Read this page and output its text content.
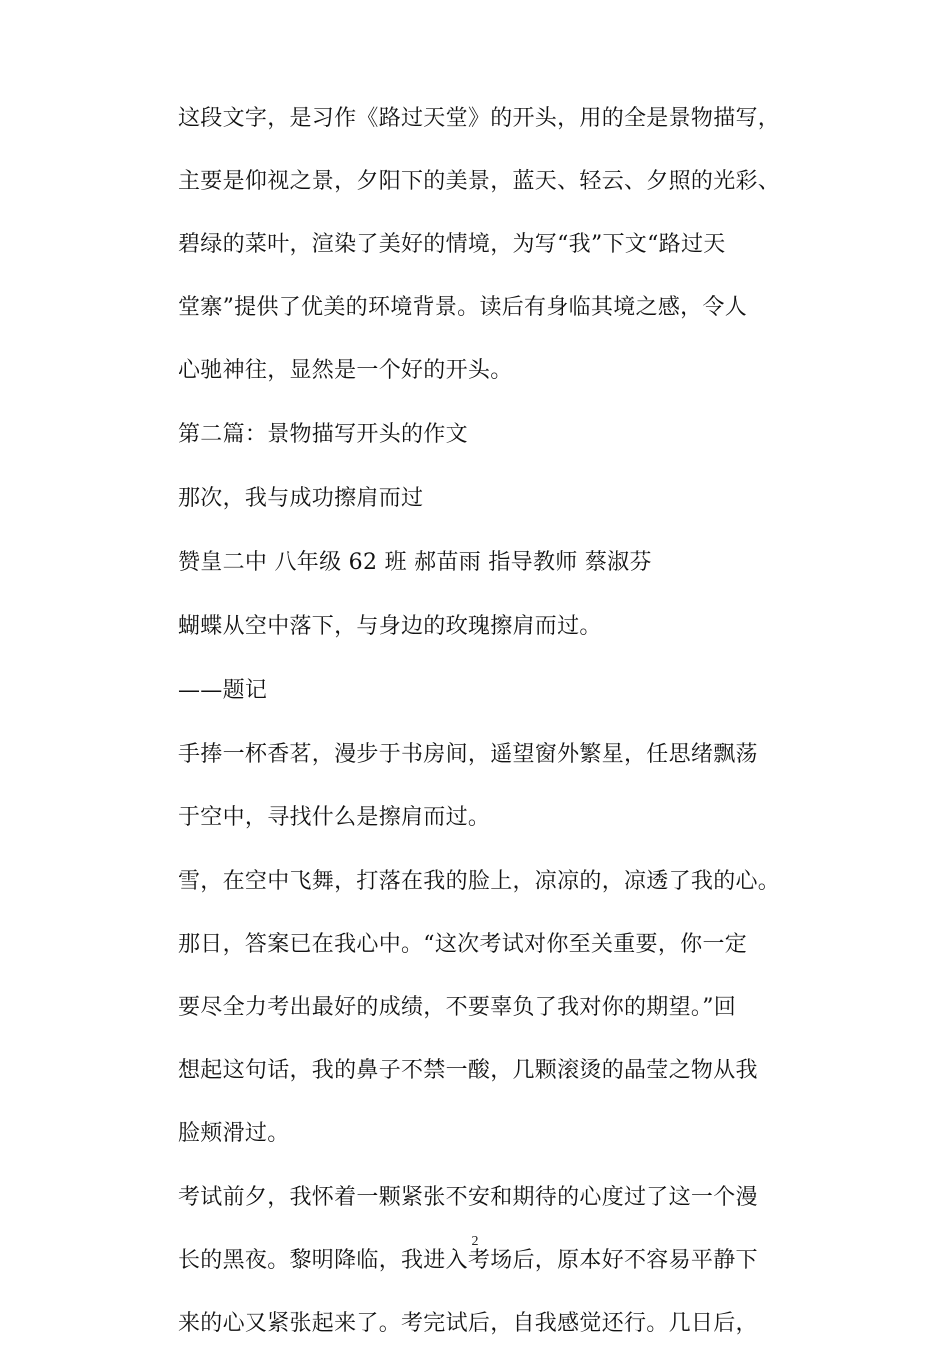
这段文字，是习作《路过天堂》的开头，用的全是景物描写，
主要是仰视之景，夕阳下的美景，蓝天、轻云、夕照的光彩、
碧绿的菜叶，渲染了美好的情境，为写“我”下文“路过天
堂寨”提供了优美的环境背景。读后有身临其境之感，令人
心驰神往，显然是一个好的开头。
第二篇：景物描写开头的作文
那次，我与成功擦肩而过
赞皇二中 八年级 62 班 郝苗雨 指导教师 蔡淑芬
蝴蝶从空中落下，与身边的玫瑰擦肩而过。
——题记
手捧一杯香茗，漫步于书房间，遥望窗外繁星，任思绪飘荡
于空中，寻找什么是擦肩而过。
雪，在空中飞舞，打落在我的脸上，凉凉的，凉透了我的心。
那日，答案已在我心中。“这次考试对你至关重要，你一定
要尽全力考出最好的成绩，不要辜负了我对你的期望。”回
想起这句话，我的鼻子不禁一酸，几颗滚烫的晶莹之物从我
脸颊滑过。
考试前夕，我怀着一颗紧张不安和期待的心度过了这一个漫
长的黑夜。黎明降临，我进入考场后，原本好不容易平静下
来的心又紧张起来了。考完试后，自我感觉还行。几日后，
2
